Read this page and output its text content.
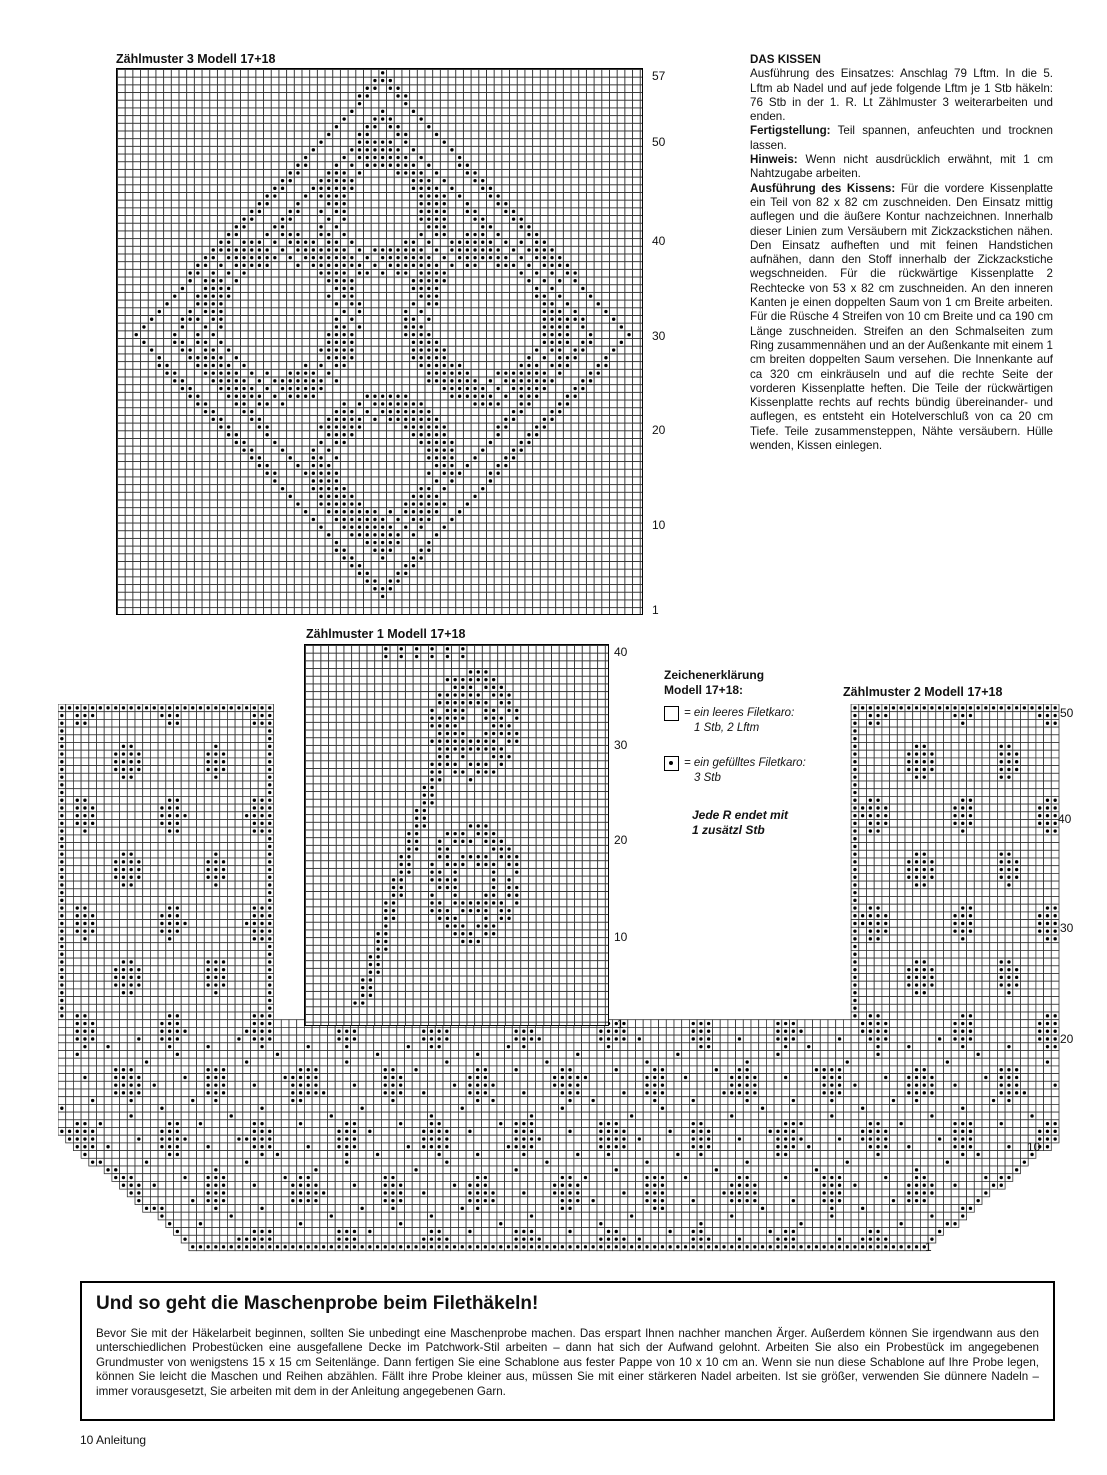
Zählmuster 3 Modell 17+18
57
50
40
30
20
10
1

DAS KISSEN

Ausführung des Einsatzes: Anschlag 79 Lftm. In die 5. Lftm ab Nadel und auf jede folgende Lftm je 1 Stb häkeln: 76 Stb in der 1. R. Lt Zählmuster 3 weiterarbeiten und enden.

Fertigstellung: Teil spannen, anfeuchten und trocknen lassen.

Hinweis: Wenn nicht ausdrücklich erwähnt, mit 1 cm Nahtzugabe arbeiten.

Ausführung des Kissens: Für die vordere Kissenplatte ein Teil von 82 x 82 cm zuschneiden. Den Einsatz mittig auflegen und die äußere Kontur nachzeichnen. Innerhalb dieser Linien zum Versäubern mit Zickzackstichen nähen. Den Einsatz aufheften und mit feinen Handstichen aufnähen, dann den Stoff innerhalb der Zickzackstiche wegschneiden. Für die rückwärtige Kissenplatte 2 Rechtecke von 53 x 82 cm zuschneiden. An den inneren Kanten je einen doppelten Saum von 1 cm Breite arbeiten. Für die Rüsche 4 Streifen von 10 cm Breite und ca 190 cm Länge zuschneiden. Streifen an den Schmalseiten zum Ring zusammennähen und an der Außenkante mit einem 1 cm breiten doppelten Saum versehen. Die Innenkante auf ca 320 cm einkräuseln und auf die rechte Seite der vorderen Kissenplatte heften. Die Teile der rückwärtigen Kissenplatte rechts auf rechts bündig übereinander- und auflegen, es entsteht ein Hotelverschluß von ca 20 cm Tiefe. Teile zusammensteppen, Nähte versäubern. Hülle wenden, Kissen einlegen.

Zählmuster 1 Modell 17+18
40
30
20
10
1
Zählmuster 2 Modell 17+18
50
40
30
20
10
1
Zeichenerklärung
Modell 17+18:
= ein leeres Filetkaro:
1 Stb, 2 Lftm
= ein gefülltes Filetkaro:
3 Stb
Jede R endet mit
1 zusätzl Stb
Und so geht die Maschenprobe beim Filethäkeln!

Bevor Sie mit der Häkelarbeit beginnen, sollten Sie unbedingt eine Maschenprobe machen. Das erspart Ihnen nachher manchen Ärger. Außerdem können Sie irgendwann aus den unterschiedlichen Probestücken eine ausgefallene Decke im Patchwork-Stil arbeiten – dann hat sich der Aufwand gelohnt. Arbeiten Sie also ein Probestück im angegebenen Grundmuster von wenigstens 15 x 15 cm Seitenlänge. Dann fertigen Sie eine Schablone aus fester Pappe von 10 x 10 cm an. Wenn sie nun diese Schablone auf Ihre Probe legen, können Sie leicht die Maschen und Reihen abzählen. Fällt ihre Probe kleiner aus, müssen Sie mit einer stärkeren Nadel arbeiten. Ist sie größer, verwenden Sie dünnere Nadeln – immer vorausgesetzt, Sie arbeiten mit dem in der Anleitung angegebenen Garn.

10 Anleitung
